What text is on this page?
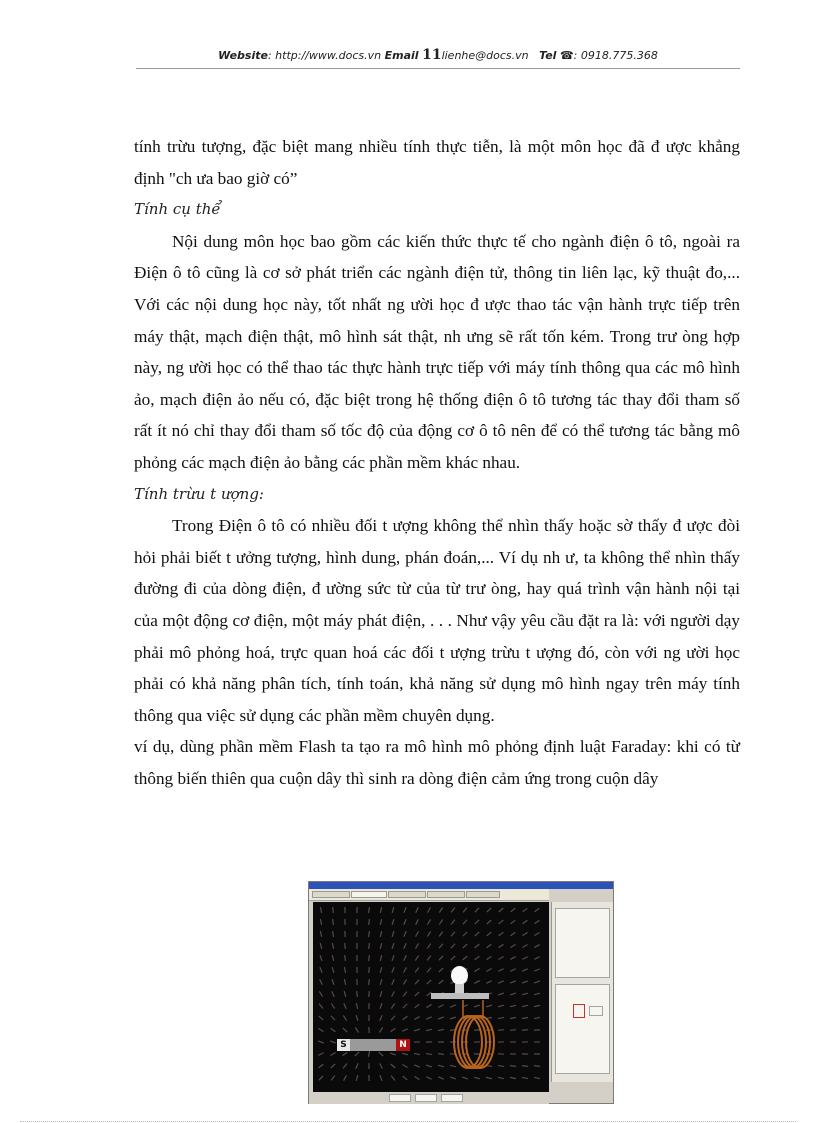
Website: http://www.docs.vn Email 11lienhe@docs.vn Tel ☎: 0918.775.368

tính trừu tượng, đặc biệt mang nhiều tính thực tiễn, là một môn học đã đ ược khẳng định "ch ưa bao giờ có”

Tính cụ thể

Nội dung môn học bao gồm các kiến thức thực tế cho ngành điện ô tô, ngoài ra Điện ô tô cũng là cơ sở phát triển các ngành điện tử, thông tin liên lạc, kỹ thuật đo,... Với các nội dung học này, tốt nhất ng ười học đ ược thao tác vận hành trực tiếp trên máy thật, mạch điện thật, mô hình sát thật, nh ưng sẽ rất tốn kém. Trong trư òng hợp này, ng ười học có thể thao tác thực hành trực tiếp với máy tính thông qua các mô hình ảo, mạch điện ảo nếu có, đặc biệt trong hệ thống điện ô tô tương tác thay đổi tham số rất ít nó chỉ thay đổi tham số tốc độ của động cơ ô tô nên để có thể tương tác bằng mô phỏng các mạch điện ảo bằng các phần mềm khác nhau.

Tính trừu t ượng:

Trong Điện ô tô có nhiều đối t ượng không thể nhìn thấy hoặc sờ thấy đ ược đòi hỏi phải biết t ưởng tượng, hình dung, phán đoán,... Ví dụ nh ư, ta không thể nhìn thấy đường đi của dòng điện, đ ường sức từ của từ trư òng, hay quá trình vận hành nội tại của một động cơ điện, một máy phát điện, . . . Như vậy yêu cầu đặt ra là: với người dạy phải mô phỏng hoá, trực quan hoá các đối t ượng trừu t ượng đó, còn với ng ười học phải có khả năng phân tích, tính toán, khả năng sử dụng mô hình ngay trên máy tính thông qua việc sử dụng các phần mềm chuyên dụng.

ví dụ, dùng phần mềm Flash ta tạo ra mô hình mô phỏng định luật Faraday: khi có từ thông biến thiên qua cuộn dây thì sinh ra dòng điện cảm ứng trong cuộn dây

S	N
